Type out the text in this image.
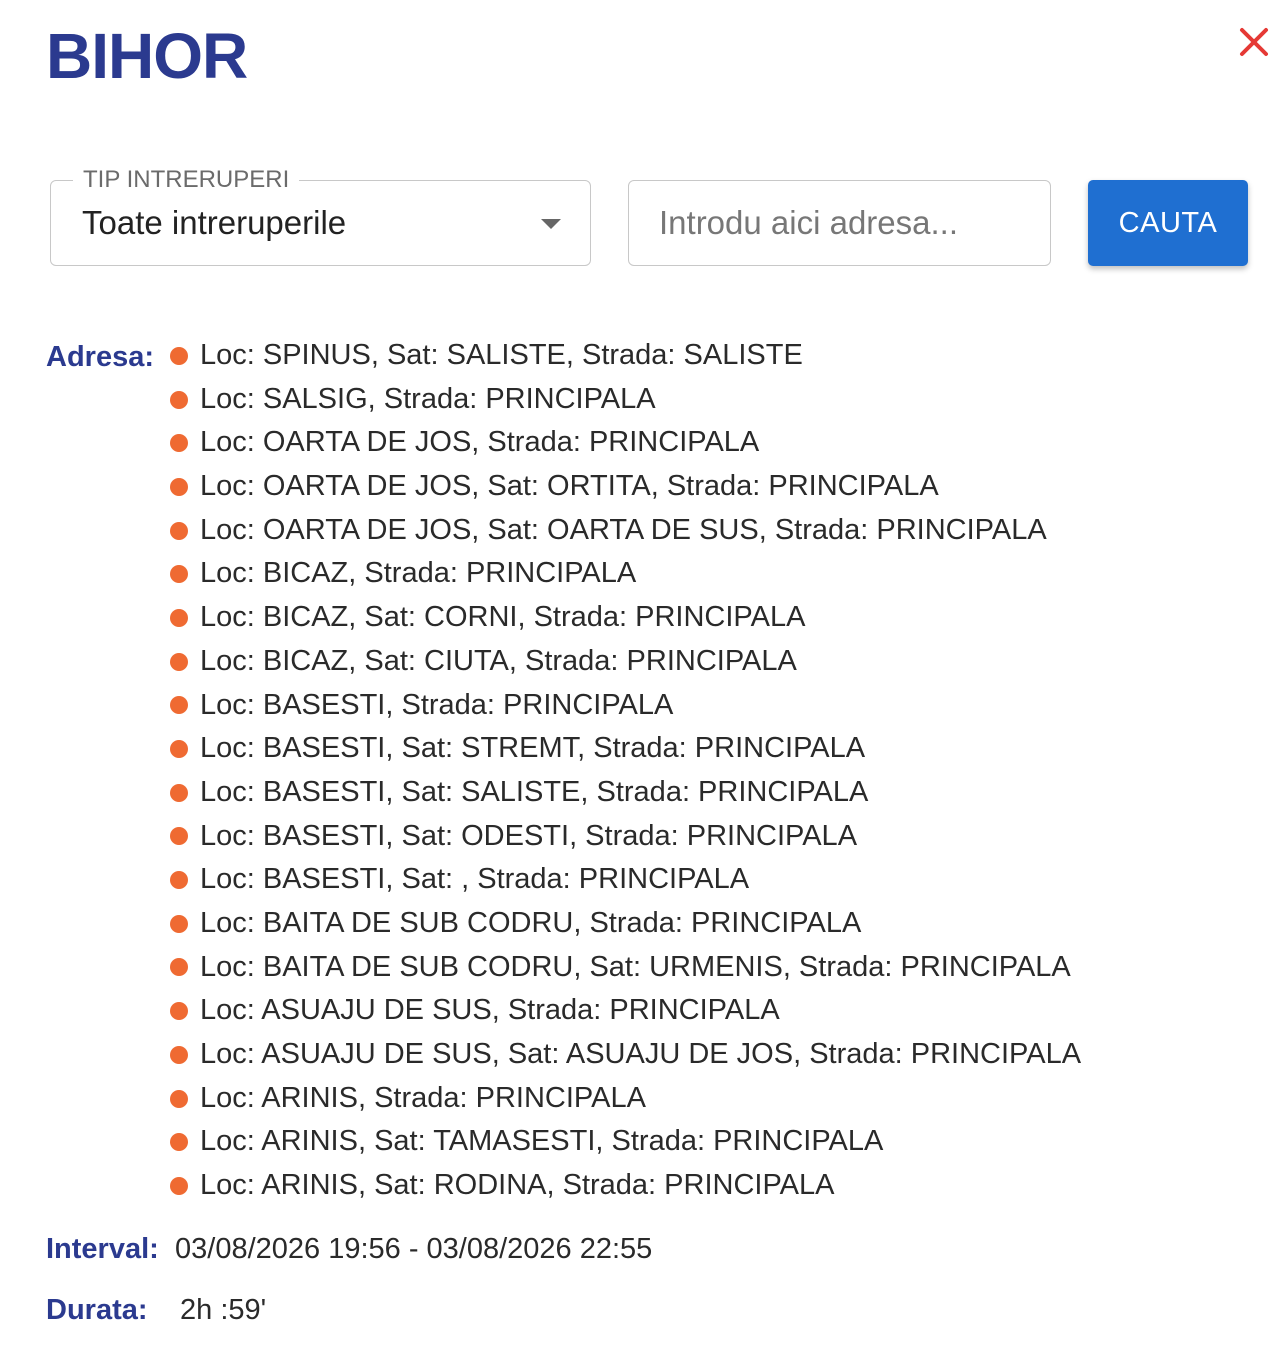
BIHOR
TIP INTRERUPERI
Toate intreruperile
Introdu aici adresa...	CAUTA
Adresa: Loc: SPINUS, Sat: SALISTE, Strada: SALISTE
Loc: SALSIG, Strada: PRINCIPALA
Loc: OARTA DE JOS, Strada: PRINCIPALA
Loc: OARTA DE JOS, Sat: ORTITA, Strada: PRINCIPALA
Loc: OARTA DE JOS, Sat: OARTA DE SUS, Strada: PRINCIPALA
Loc: BICAZ, Strada: PRINCIPALA
Loc: BICAZ, Sat: CORNI, Strada: PRINCIPALA
Loc: BICAZ, Sat: CIUTA, Strada: PRINCIPALA
Loc: BASESTI, Strada: PRINCIPALA
Loc: BASESTI, Sat: STREMT, Strada: PRINCIPALA
Loc: BASESTI, Sat: SALISTE, Strada: PRINCIPALA
Loc: BASESTI, Sat: ODESTI, Strada: PRINCIPALA
Loc: BASESTI, Sat: , Strada: PRINCIPALA
Loc: BAITA DE SUB CODRU, Strada: PRINCIPALA
Loc: BAITA DE SUB CODRU, Sat: URMENIS, Strada: PRINCIPALA
Loc: ASUAJU DE SUS, Strada: PRINCIPALA
Loc: ASUAJU DE SUS, Sat: ASUAJU DE JOS, Strada: PRINCIPALA
Loc: ARINIS, Strada: PRINCIPALA
Loc: ARINIS, Sat: TAMASESTI, Strada: PRINCIPALA
Loc: ARINIS, Sat: RODINA, Strada: PRINCIPALA
Interval: 03/08/2026 19:56 - 03/08/2026 22:55
Durata: 2h :59'
